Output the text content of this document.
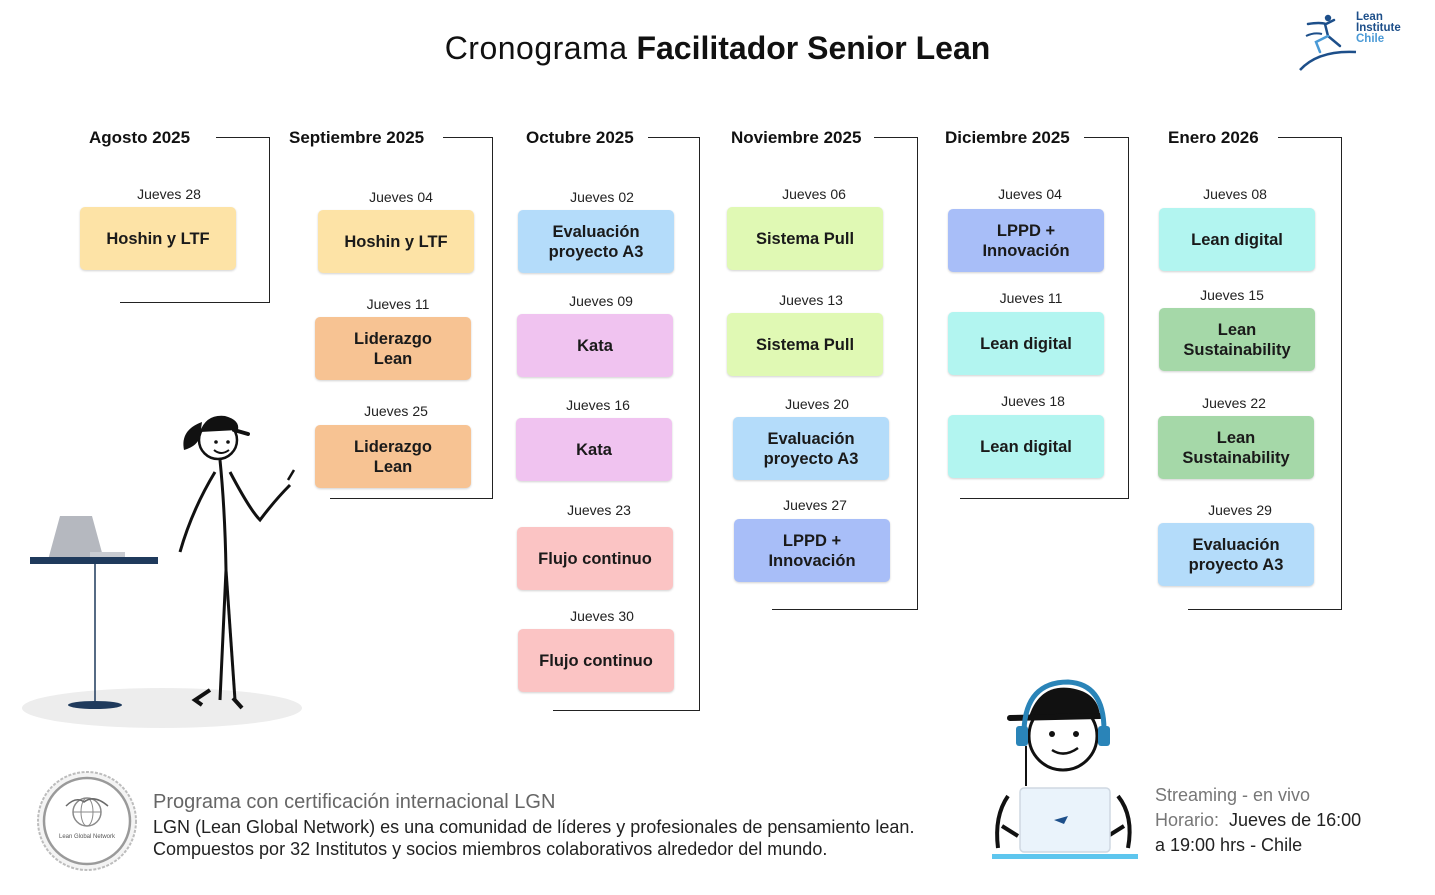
Cronograma Facilitador Senior Lean
Lean
Institute
Chile
Agosto 2025	Septiembre 2025	Octubre 2025	Noviembre 2025	Diciembre 2025	Enero 2026
Jueves 28
Hoshin y LTF
Jueves 04
Hoshin y LTF
Jueves 11
Liderazgo
Lean
Jueves 25
Liderazgo
Lean
Jueves 02
Evaluación
proyecto A3
Jueves 09
Kata
Jueves 16
Kata
Jueves 23
Flujo continuo
Jueves 30
Flujo continuo
Jueves 06
Sistema Pull
Jueves 13
Sistema Pull
Jueves 20
Evaluación
proyecto A3
Jueves 27
LPPD +
Innovación
Jueves 04
LPPD +
Innovación
Jueves 11
Lean digital
Jueves 18
Lean digital
Jueves 08
Lean digital
Jueves 15
Lean
Sustainability
Jueves 22
Lean
Sustainability
Jueves 29
Evaluación
proyecto A3
Lean Global Network
Programa con certificación internacional LGN
LGN (Lean Global Network) es una comunidad de líderes y profesionales de pensamiento lean. Compuestos por 32 Institutos y socios miembros colaborativos alrededor del mundo.
Streaming - en vivo
Horario: Jueves de 16:00
a 19:00 hrs - Chile
